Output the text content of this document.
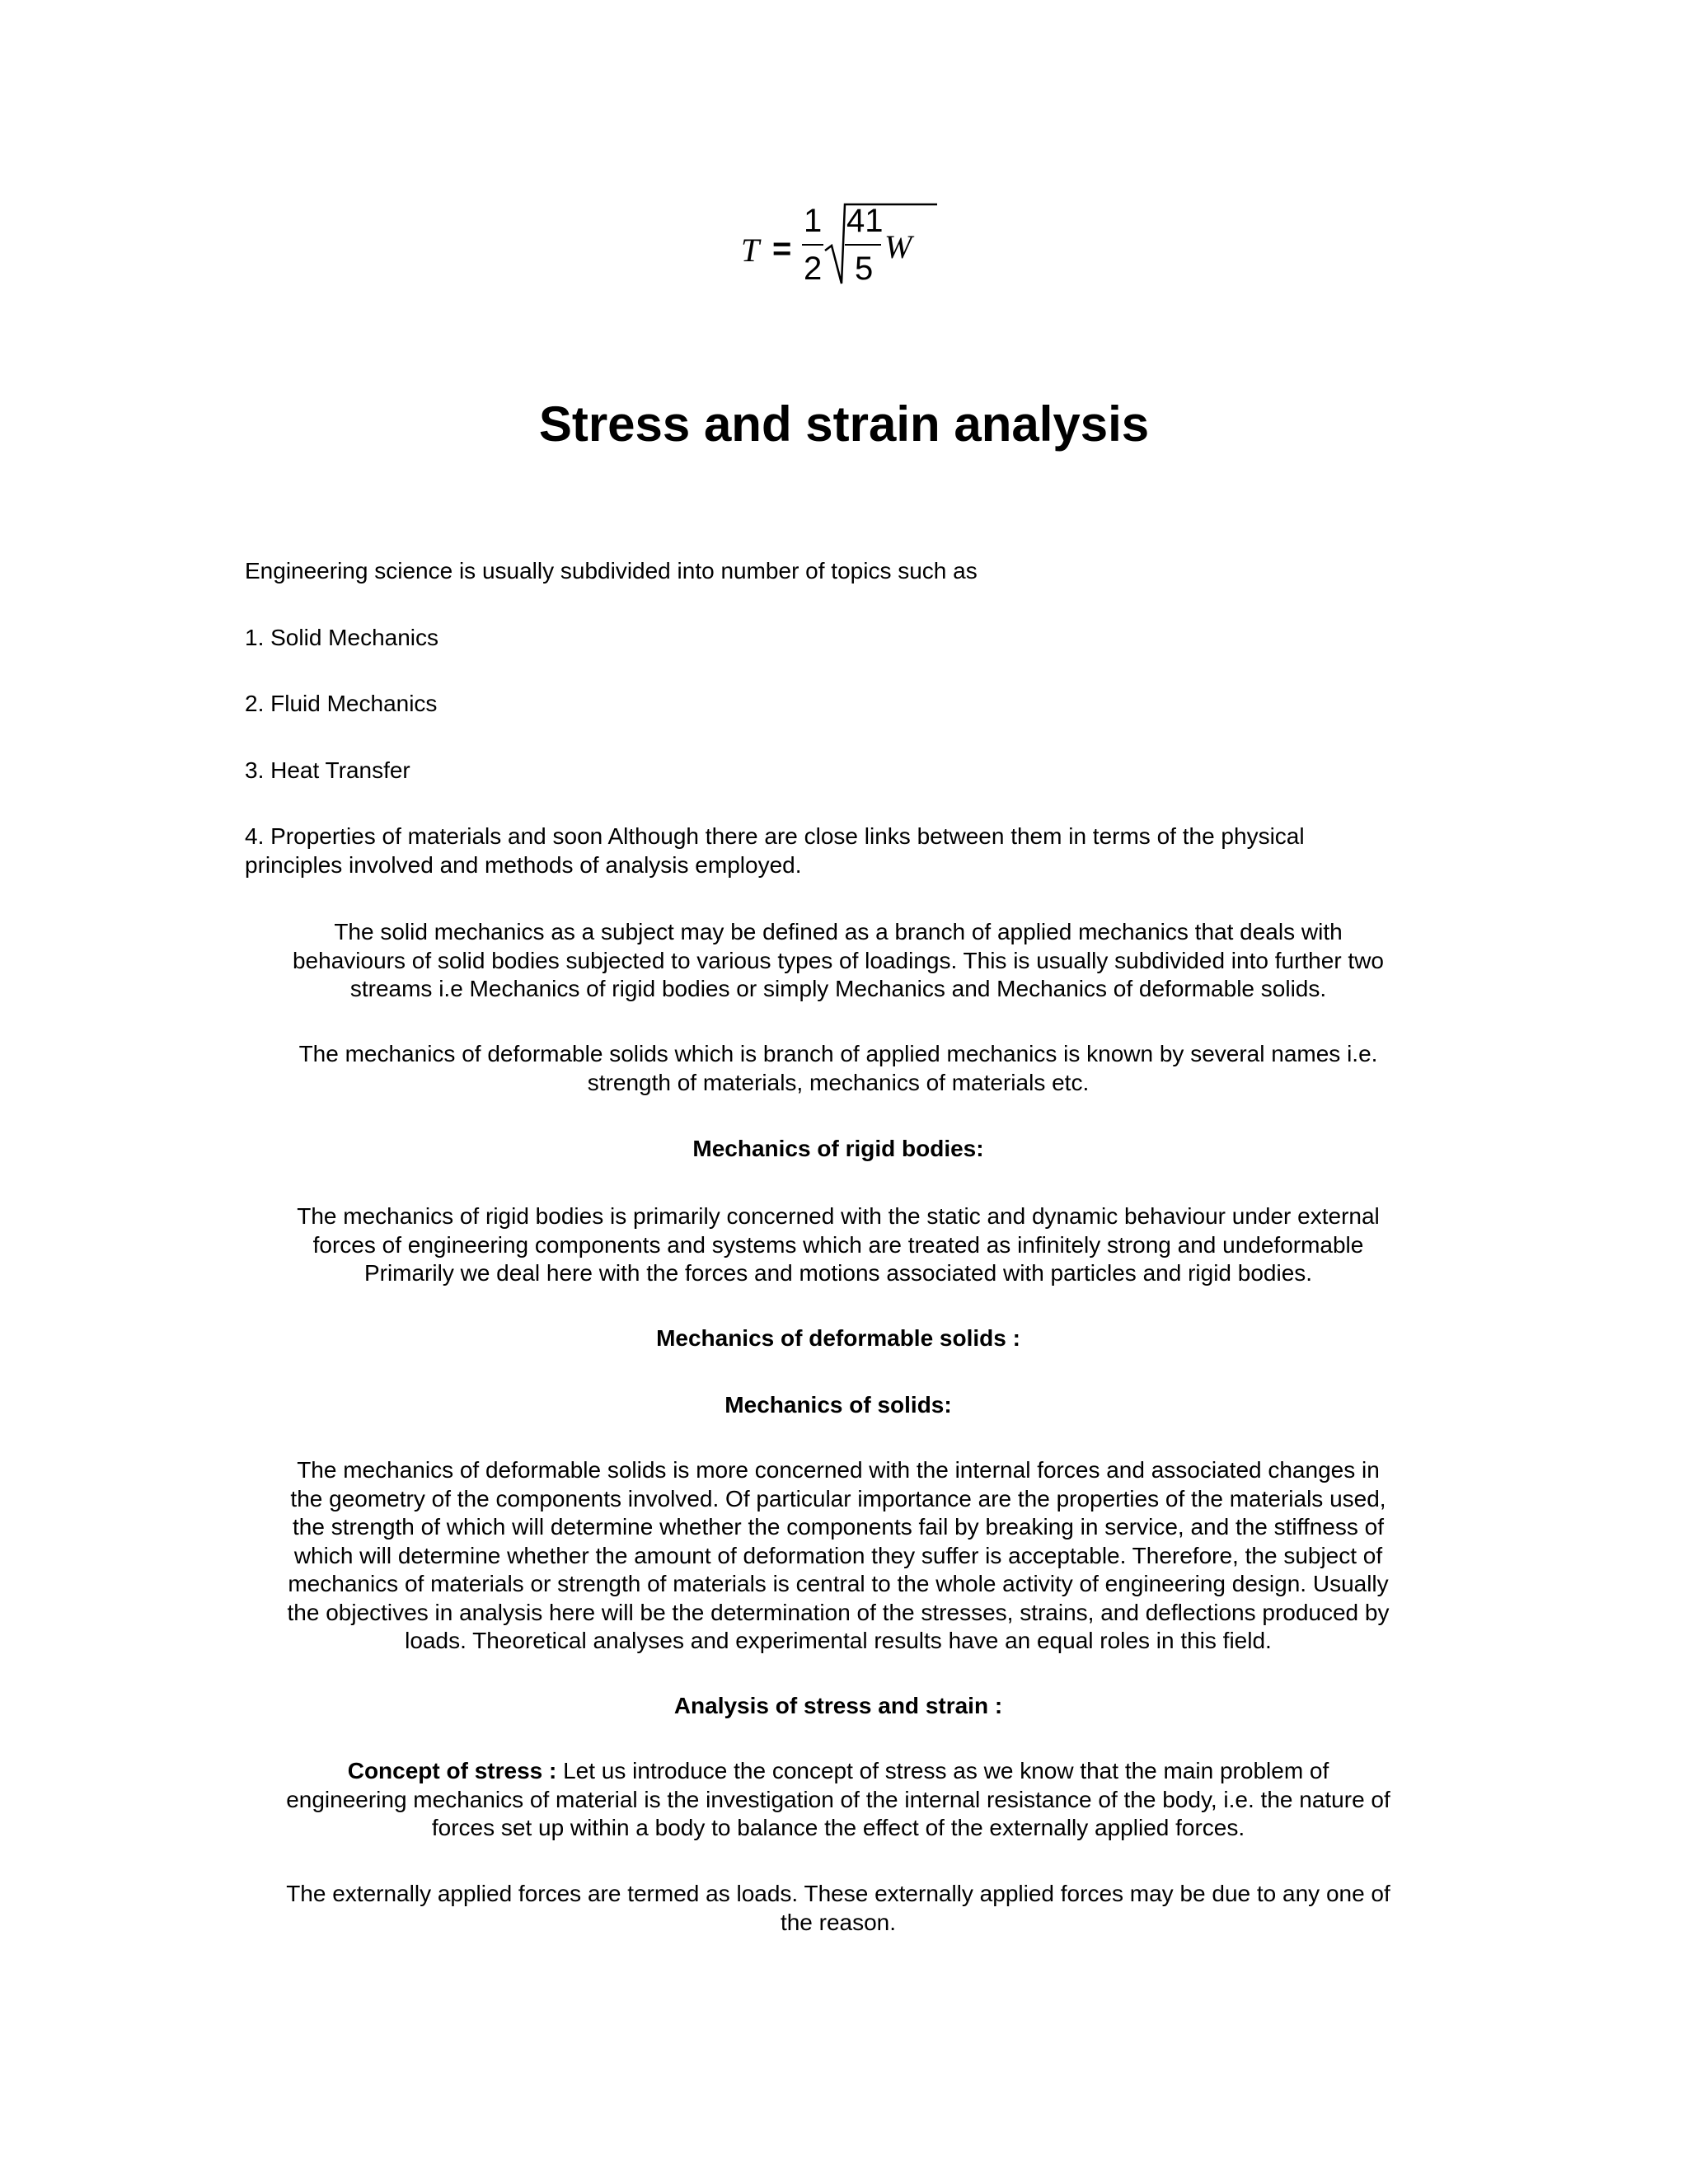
T =
1
2
41
5
W
Stress and strain analysis

Engineering science is usually subdivided into number of topics such as

1. Solid Mechanics

2. Fluid Mechanics

3. Heat Transfer

4. Properties of materials and soon Although there are close links between them in terms of the physical
principles involved and methods of analysis employed.
The solid mechanics as a subject may be defined as a branch of applied mechanics that deals with
behaviours of solid bodies subjected to various types of loadings. This is usually subdivided into further two
streams i.e Mechanics of rigid bodies or simply Mechanics and Mechanics of deformable solids.
The mechanics of deformable solids which is branch of applied mechanics is known by several names i.e.
strength of materials, mechanics of materials etc.
Mechanics of rigid bodies:
The mechanics of rigid bodies is primarily concerned with the static and dynamic behaviour under external
forces of engineering components and systems which are treated as infinitely strong and undeformable
Primarily we deal here with the forces and motions associated with particles and rigid bodies.
Mechanics of deformable solids :
Mechanics of solids:
The mechanics of deformable solids is more concerned with the internal forces and associated changes in
the geometry of the components involved. Of particular importance are the properties of the materials used,
the strength of which will determine whether the components fail by breaking in service, and the stiffness of
which will determine whether the amount of deformation they suffer is acceptable. Therefore, the subject of
mechanics of materials or strength of materials is central to the whole activity of engineering design. Usually
the objectives in analysis here will be the determination of the stresses, strains, and deflections produced by
loads. Theoretical analyses and experimental results have an equal roles in this field.
Analysis of stress and strain :
Concept of stress : Let us introduce the concept of stress as we know that the main problem of
engineering mechanics of material is the investigation of the internal resistance of the body, i.e. the nature of
forces set up within a body to balance the effect of the externally applied forces.
The externally applied forces are termed as loads. These externally applied forces may be due to any one of
the reason.
